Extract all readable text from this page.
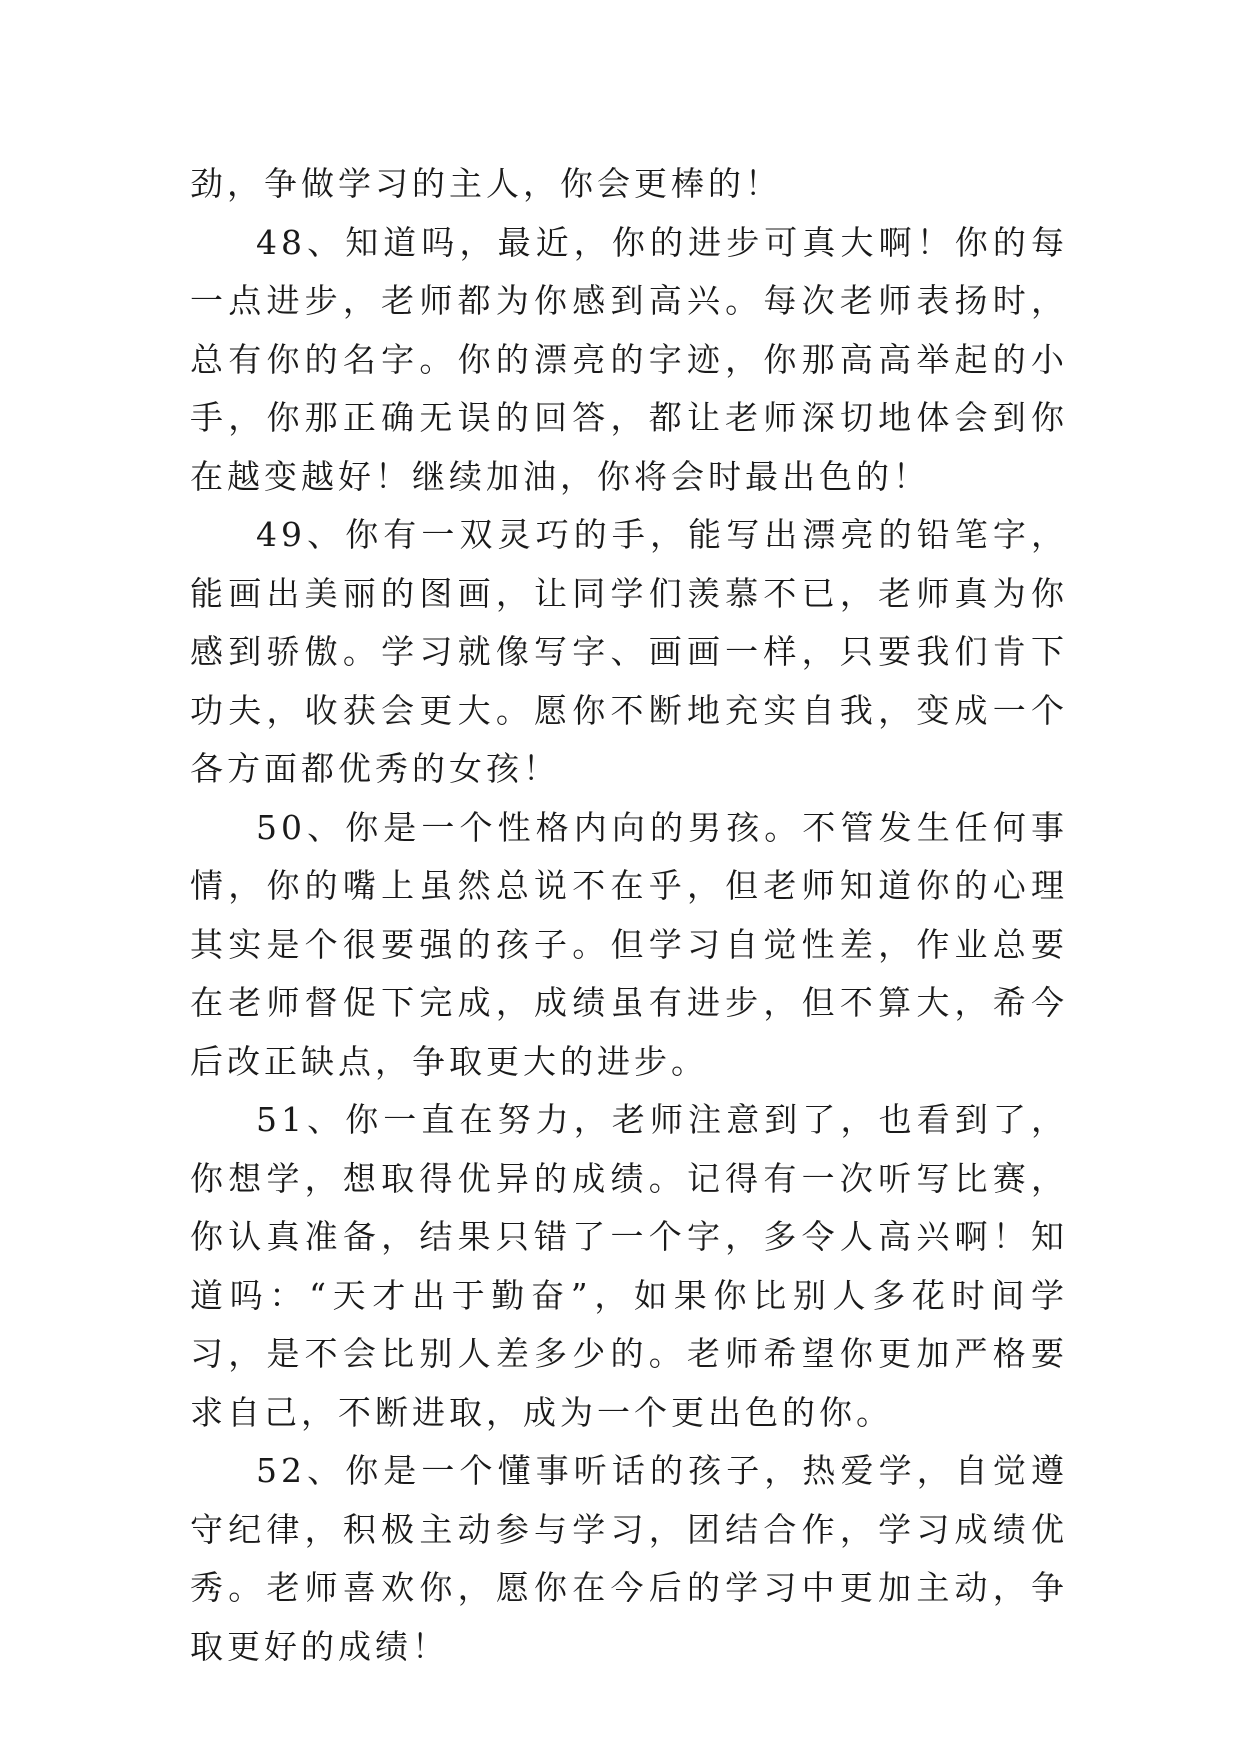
劲，争做学习的主人，你会更棒的！

48、知道吗，最近，你的进步可真大啊！你的每一点进步，老师都为你感到高兴。每次老师表扬时，总有你的名字。你的漂亮的字迹，你那高高举起的小手，你那正确无误的回答，都让老师深切地体会到你在越变越好！继续加油，你将会时最出色的！

49、你有一双灵巧的手，能写出漂亮的铅笔字，能画出美丽的图画，让同学们羡慕不已，老师真为你感到骄傲。学习就像写字、画画一样，只要我们肯下功夫，收获会更大。愿你不断地充实自我，变成一个各方面都优秀的女孩！

50、你是一个性格内向的男孩。不管发生任何事情，你的嘴上虽然总说不在乎，但老师知道你的心理其实是个很要强的孩子。但学习自觉性差，作业总要在老师督促下完成，成绩虽有进步，但不算大，希今后改正缺点，争取更大的进步。

51、你一直在努力，老师注意到了，也看到了，你想学，想取得优异的成绩。记得有一次听写比赛，你认真准备，结果只错了一个字，多令人高兴啊！知道吗：“天才出于勤奋”，如果你比别人多花时间学习，是不会比别人差多少的。老师希望你更加严格要求自己，不断进取，成为一个更出色的你。

52、你是一个懂事听话的孩子，热爱学，自觉遵守纪律，积极主动参与学习，团结合作，学习成绩优秀。老师喜欢你，愿你在今后的学习中更加主动，争取更好的成绩！
